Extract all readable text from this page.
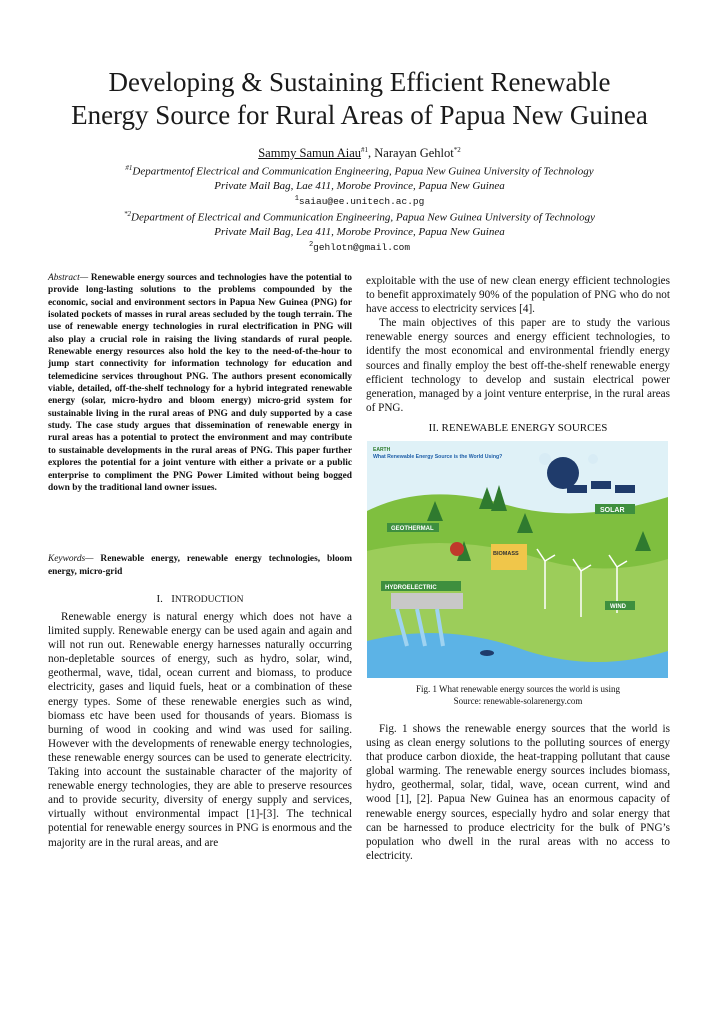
Developing & Sustaining Efficient Renewable
Energy Source for Rural Areas of Papua New Guinea
Sammy Samun Aiau$^{\#1}$, Narayan Gehlot$^{*2}$
$^{\#1}$Departmentof Electrical and Communication Engineering, Papua New Guinea University of Technology
Private Mail Bag, Lae 411, Morobe Province, Papua New Guinea
$^1$saiau@ee.unitech.ac.pg
$^{*2}$Department of Electrical and Communication Engineering, Papua New Guinea University of Technology
Private Mail Bag, Lea 411, Morobe Province, Papua New Guinea
$^2$gehlotn@gmail.com
Abstract— Renewable energy sources and technologies have the potential to provide long-lasting solutions to the problems compounded by the economic, social and environment sectors in Papua New Guinea (PNG) for isolated pockets of masses in rural areas secluded by the tough terrain. The use of renewable energy technologies in rural electrification in PNG will also play a crucial role in raising the living standards of rural people. Renewable energy resources also hold the key to the need-of-the-hour to jump start connectivity for information technology for education and telemedicine services throughout PNG. The authors present economically viable, detailed, off-the-shelf technology for a hybrid integrated renewable energy (solar, micro-hydro and bloom energy) micro-grid system for sustainable living in the rural areas of PNG and duly supported by a case study. The case study argues that dissemination of renewable energy in rural areas has a potential to protect the environment and may contribute to sustainable developments in the rural areas of PNG. This paper further explores the potential for a joint venture with either a private or a public enterprise to compliment the PNG Power Limited without being bogged down by the traditional land owner issues.
Keywords— Renewable energy, renewable energy technologies, bloom energy, micro-grid
I. INTRODUCTION

Renewable energy is natural energy which does not have a limited supply. Renewable energy can be used again and again and will not run out. Renewable energy harnesses naturally occurring non-depletable sources of energy, such as hydro, solar, wind, geothermal, wave, tidal, ocean current and biomass, to produce electricity, gases and liquid fuels, heat or a combination of these energy types. Some of these renewable energies such as wind, biomass etc have been used for thousands of years. Biomass is burning of wood in cooking and wind was used for sailing. However with the developments of renewable energy technologies, these renewable energy sources can be used to generate electricity. Taking into account the sustainable character of the majority of renewable energy technologies, they are able to preserve resources and to provide security, diversity of energy supply and services, virtually without environmental impact [1]-[3]. The technical potential for renewable energy sources in PNG is enormous and the majority are in the rural areas, and are

exploitable with the use of new clean energy efficient technologies to benefit approximately 90% of the population of PNG who do not have access to electricity services [4].

The main objectives of this paper are to study the various renewable energy sources and energy efficient technologies, to identify the most economical and environmental friendly energy sources and finally employ the best off-the-shelf renewable energy efficient technology to develop and sustain electrical power generation, managed by a joint venture enterprise, in the rural areas of PNG.

II. RENEWABLE ENERGY SOURCES
EARTH
What Renewable Energy Source is the World Using?
SOLAR
GEOTHERMAL
BIOMASS
HYDROELECTRIC
WIND
Fig. 1 What renewable energy sources the world is using
Source: renewable-solarenergy.com

Fig. 1 shows the renewable energy sources that the world is using as clean energy solutions to the polluting sources of energy that produce carbon dioxide, the heat-trapping pollutant that cause global warming. The renewable energy sources includes biomass, hydro, geothermal, solar, tidal, wave, ocean current, wind and wood [1], [2]. Papua New Guinea has an enormous capacity of renewable energy sources, especially hydro and solar energy that can be harnessed to produce electricity for the bulk of PNG’s population who dwell in the rural areas with no access to electricity.
